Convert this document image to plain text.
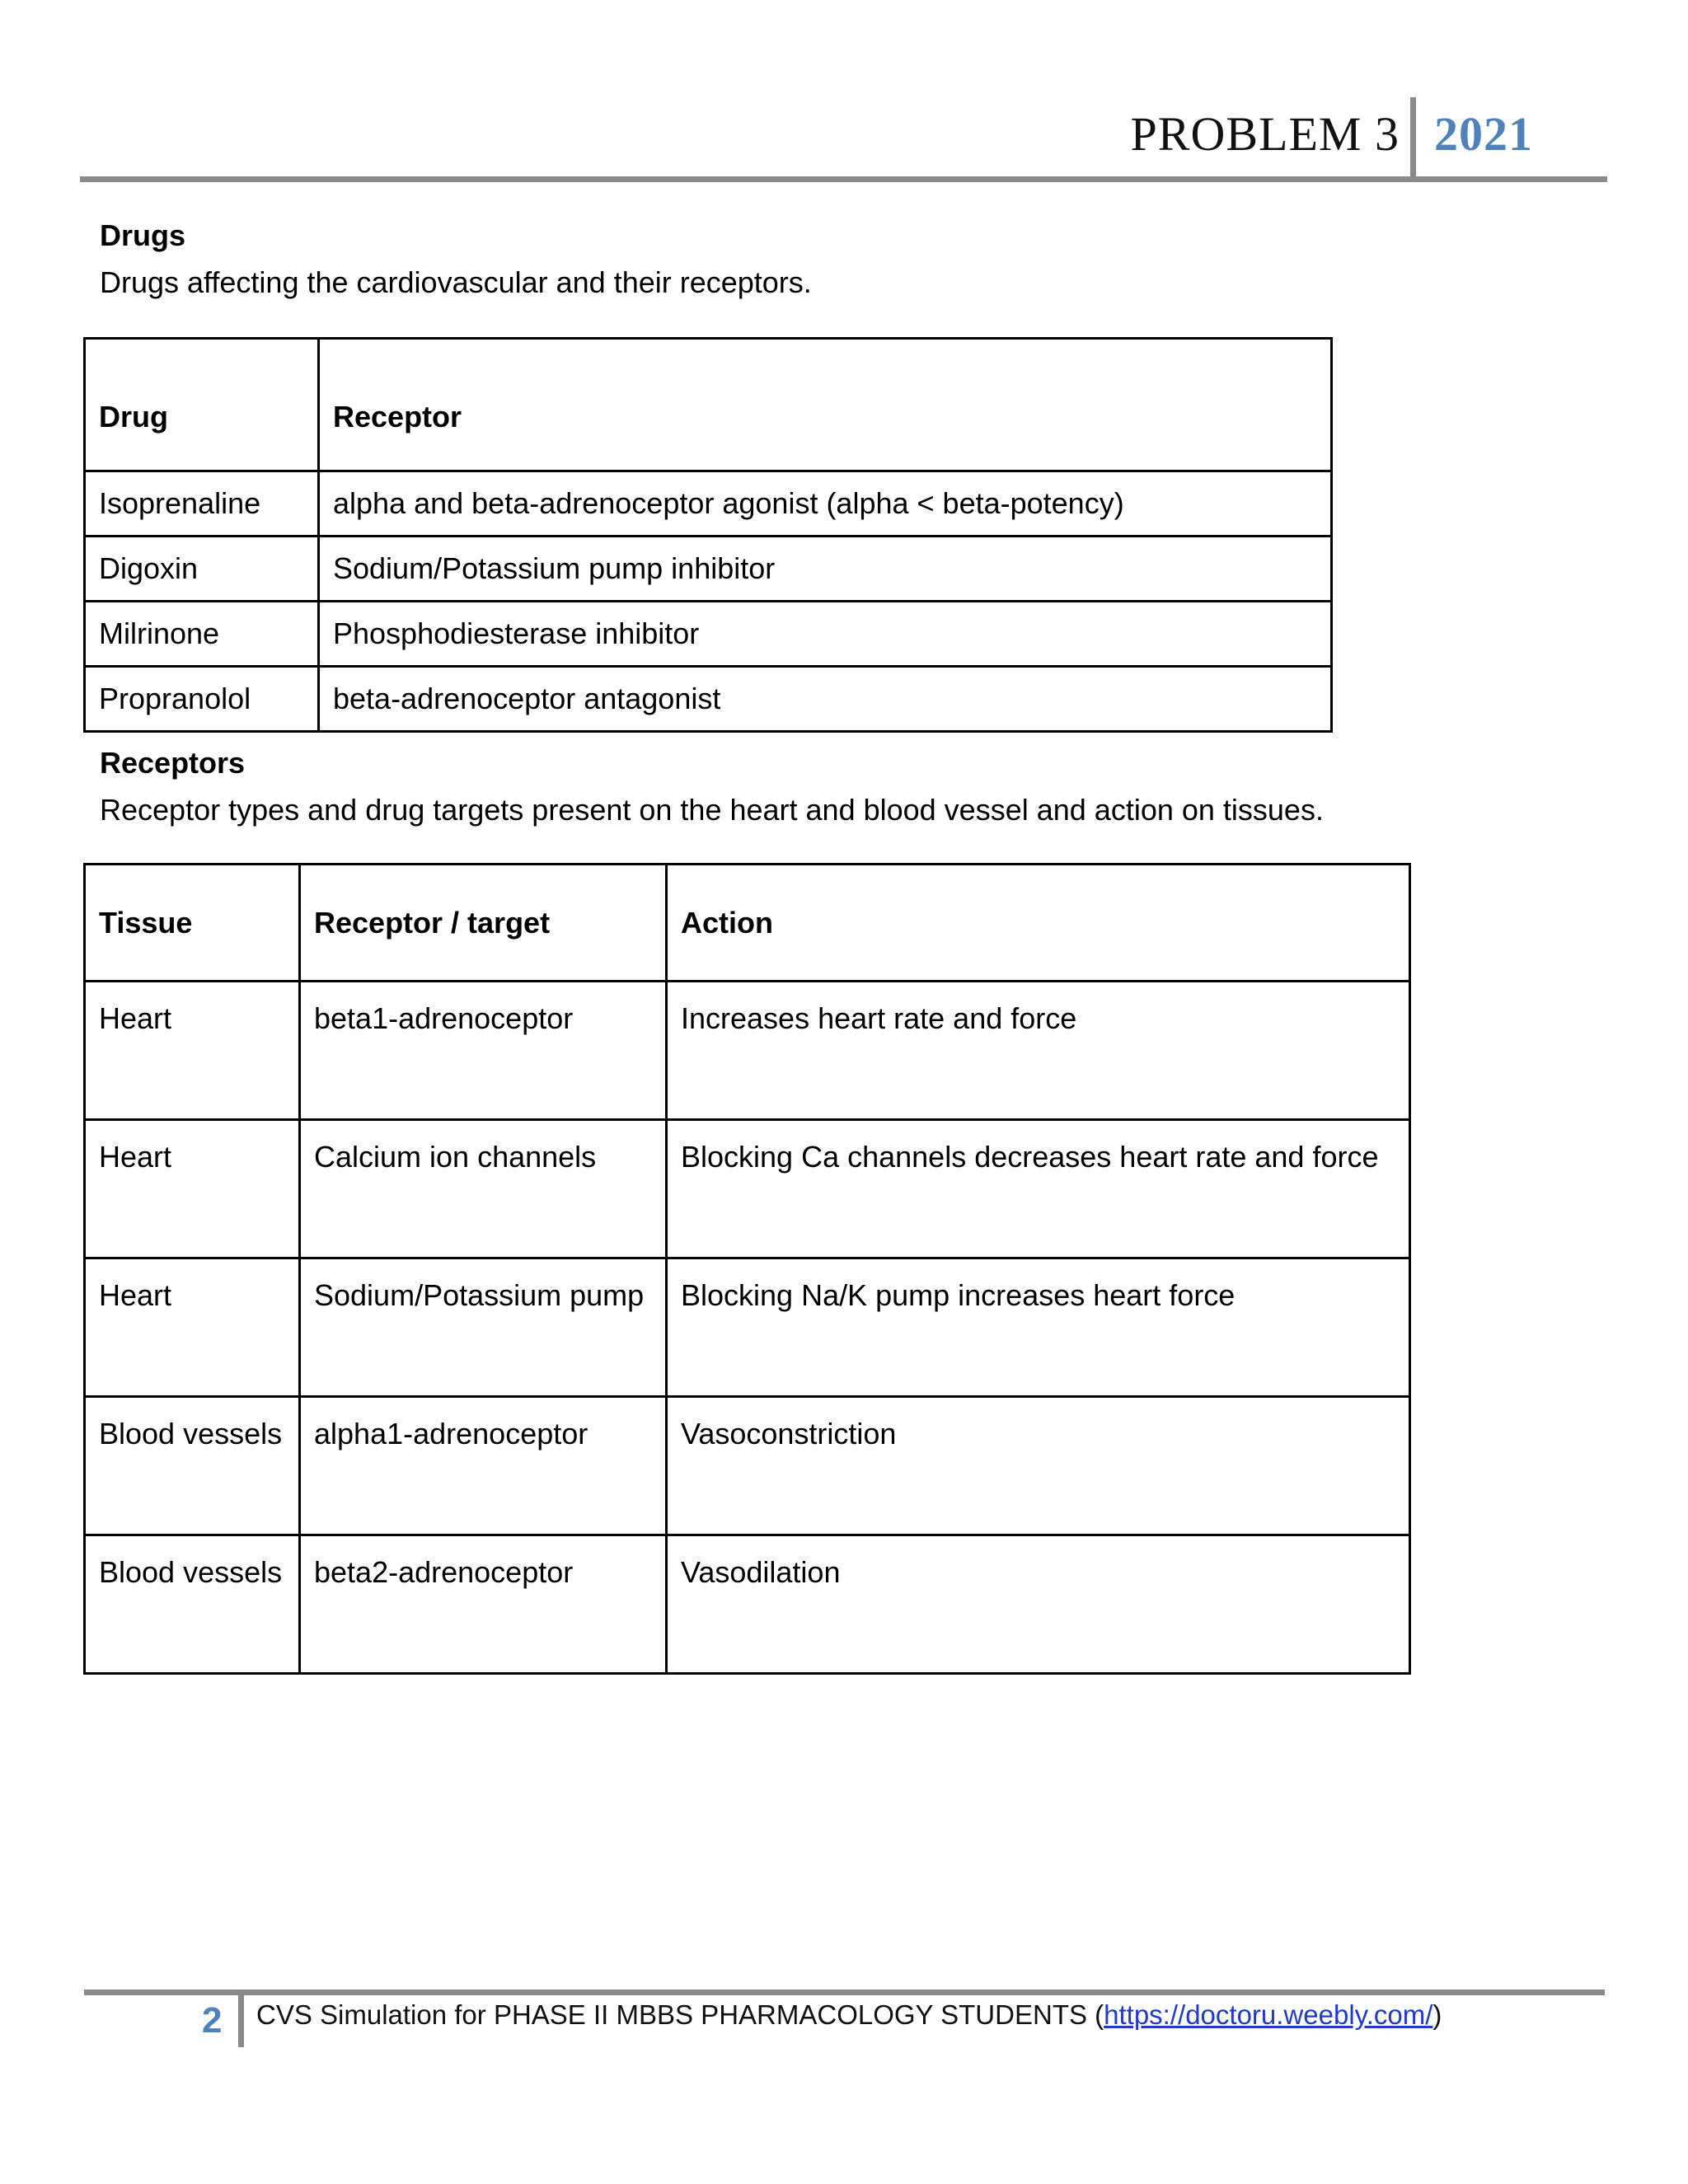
PROBLEM 3 2021
Drugs
Drugs affecting the cardiovascular and their receptors.
Drug	Receptor
Isoprenaline	alpha and beta-adrenoceptor agonist (alpha < beta-potency)
Digoxin	Sodium/Potassium pump inhibitor
Milrinone	Phosphodiesterase inhibitor
Propranolol	beta-adrenoceptor antagonist
Receptors
Receptor types and drug targets present on the heart and blood vessel and action on tissues.
Tissue	Receptor / target	Action
Heart	beta1-adrenoceptor	Increases heart rate and force
Heart	Calcium ion channels	Blocking Ca channels decreases heart rate and force
Heart	Sodium/Potassium pump	Blocking Na/K pump increases heart force
Blood vessels	alpha1-adrenoceptor	Vasoconstriction
Blood vessels	beta2-adrenoceptor	Vasodilation
2 CVS Simulation for PHASE II MBBS PHARMACOLOGY STUDENTS (https://doctoru.weebly.com/)
